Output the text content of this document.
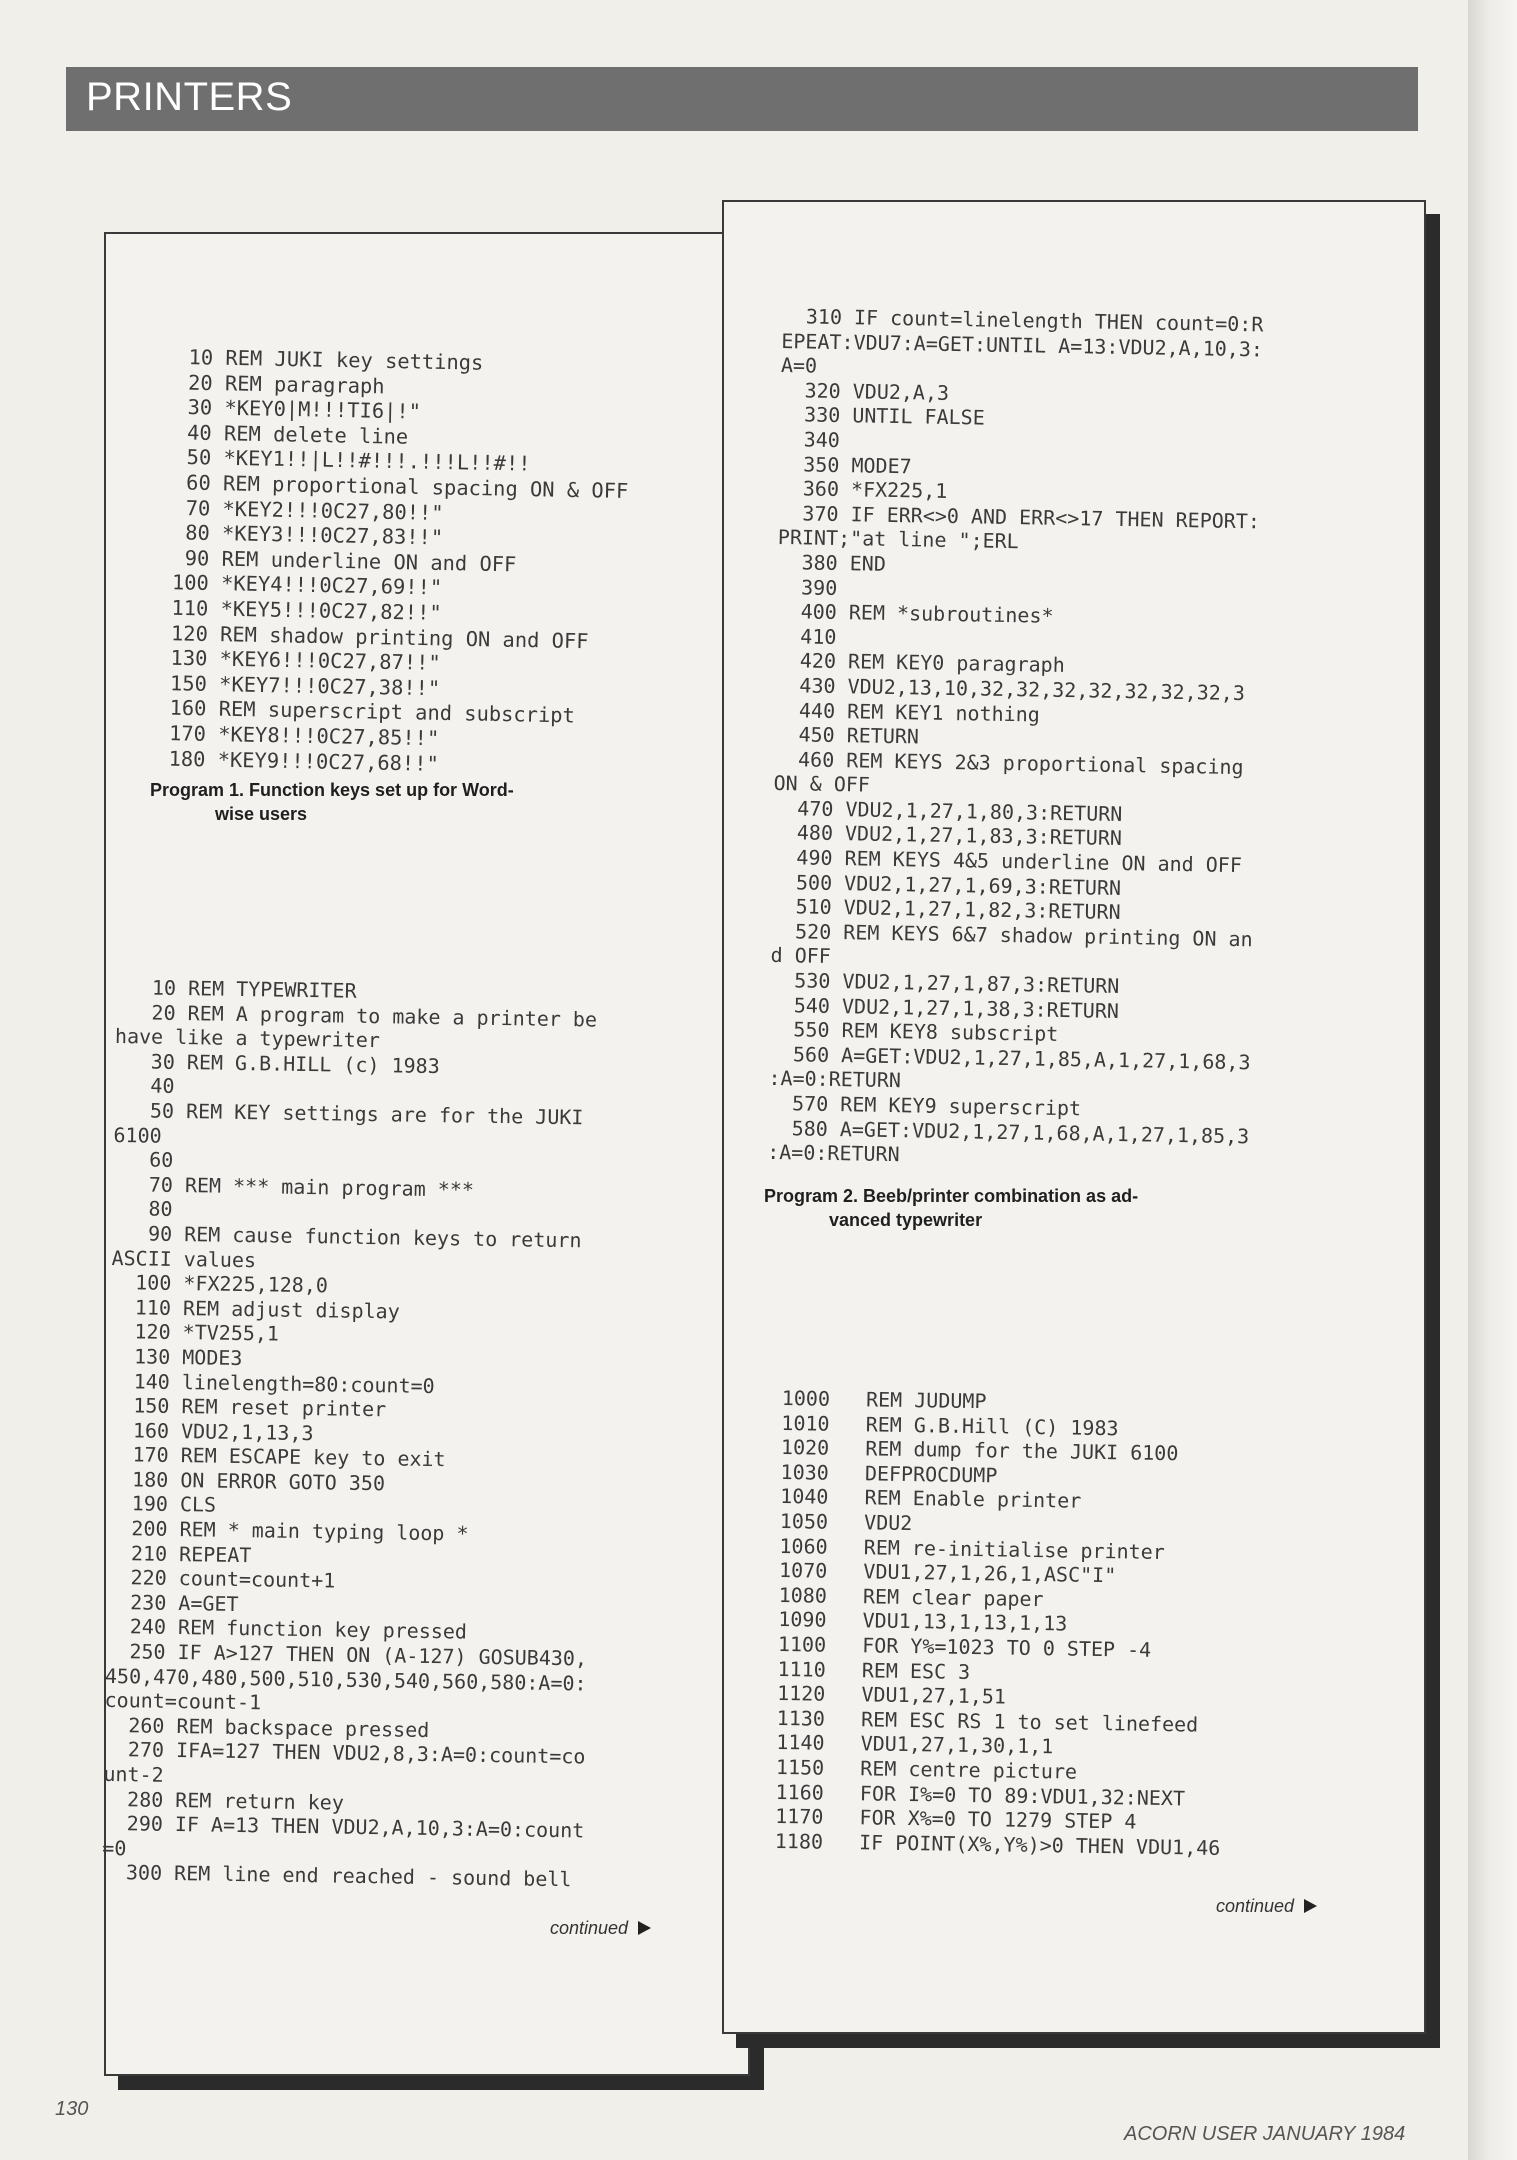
PRINTERS
10 REM JUKI key settings
20 REM paragraph
30 *KEY0|M!!!TI6|!"
40 REM delete line
50 *KEY1!!|L!!#!!!.!!!L!!#!!
60 REM proportional spacing ON & OFF
70 *KEY2!!!0C27,80!!"
80 *KEY3!!!0C27,83!!"
90 REM underline ON and OFF
100 *KEY4!!!0C27,69!!"
110 *KEY5!!!0C27,82!!"
120 REM shadow printing ON and OFF
130 *KEY6!!!0C27,87!!"
150 *KEY7!!!0C27,38!!"
160 REM superscript and subscript
170 *KEY8!!!0C27,85!!"
180 *KEY9!!!0C27,68!!"
Program 1. Function keys set up for Word-
wise users
10 REM TYPEWRITER
20 REM A program to make a printer be
have like a typewriter
30 REM G.B.HILL (c) 1983
40
50 REM KEY settings are for the JUKI
6100
60
70 REM *** main program ***
80
90 REM cause function keys to return
ASCII values
100 *FX225,128,0
110 REM adjust display
120 *TV255,1
130 MODE3
140 linelength=80:count=0
150 REM reset printer
160 VDU2,1,13,3
170 REM ESCAPE key to exit
180 ON ERROR GOTO 350
190 CLS
200 REM * main typing loop *
210 REPEAT
220 count=count+1
230 A=GET
240 REM function key pressed
250 IF A>127 THEN ON (A-127) GOSUB430,
450,470,480,500,510,530,540,560,580:A=0:
count=count-1
260 REM backspace pressed
270 IFA=127 THEN VDU2,8,3:A=0:count=co
unt-2
280 REM return key
290 IF A=13 THEN VDU2,A,10,3:A=0:count
=0
300 REM line end reached - sound bell
continued
310 IF count=linelength THEN count=0:R
EPEAT:VDU7:A=GET:UNTIL A=13:VDU2,A,10,3:
A=0
320 VDU2,A,3
330 UNTIL FALSE
340
350 MODE7
360 *FX225,1
370 IF ERR<>0 AND ERR<>17 THEN REPORT:
PRINT;"at line ";ERL
380 END
390
400 REM *subroutines*
410
420 REM KEY0 paragraph
430 VDU2,13,10,32,32,32,32,32,32,32,3
440 REM KEY1 nothing
450 RETURN
460 REM KEYS 2&3 proportional spacing
ON & OFF
470 VDU2,1,27,1,80,3:RETURN
480 VDU2,1,27,1,83,3:RETURN
490 REM KEYS 4&5 underline ON and OFF
500 VDU2,1,27,1,69,3:RETURN
510 VDU2,1,27,1,82,3:RETURN
520 REM KEYS 6&7 shadow printing ON an
d OFF
530 VDU2,1,27,1,87,3:RETURN
540 VDU2,1,27,1,38,3:RETURN
550 REM KEY8 subscript
560 A=GET:VDU2,1,27,1,85,A,1,27,1,68,3
:A=0:RETURN
570 REM KEY9 superscript
580 A=GET:VDU2,1,27,1,68,A,1,27,1,85,3
:A=0:RETURN
Program 2. Beeb/printer combination as ad-
vanced typewriter
1000   REM JUDUMP
1010   REM G.B.Hill (C) 1983
1020   REM dump for the JUKI 6100
1030   DEFPROCDUMP
1040   REM Enable printer
1050   VDU2
1060   REM re-initialise printer
1070   VDU1,27,1,26,1,ASC"I"
1080   REM clear paper
1090   VDU1,13,1,13,1,13
1100   FOR Y%=1023 TO 0 STEP -4
1110   REM ESC 3
1120   VDU1,27,1,51
1130   REM ESC RS 1 to set linefeed
1140   VDU1,27,1,30,1,1
1150   REM centre picture
1160   FOR I%=0 TO 89:VDU1,32:NEXT
1170   FOR X%=0 TO 1279 STEP 4
1180   IF POINT(X%,Y%)>0 THEN VDU1,46
continued
130
ACORN USER JANUARY 1984
